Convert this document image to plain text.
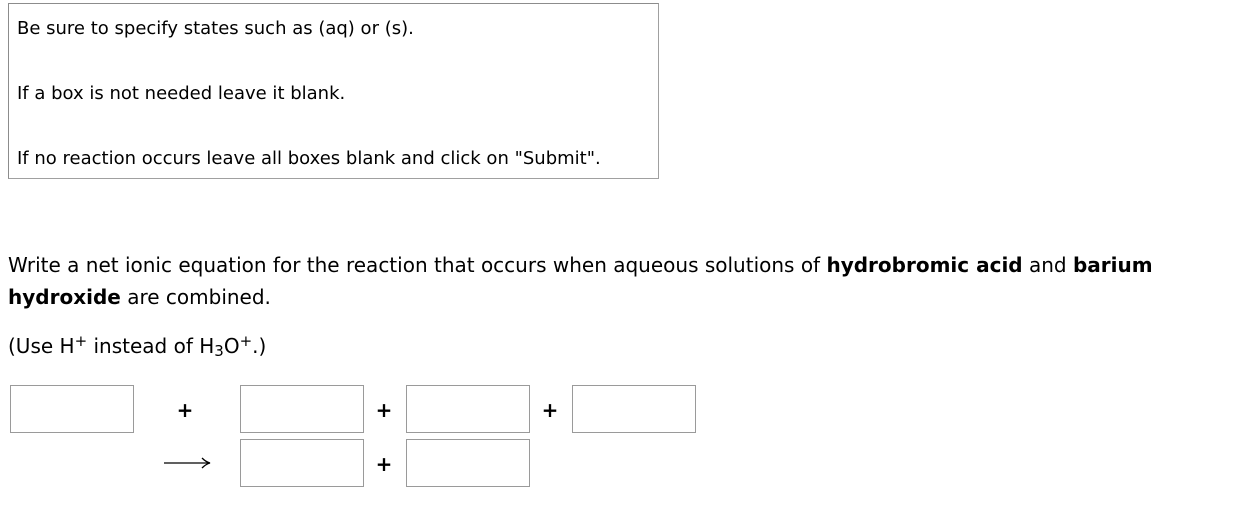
Be sure to specify states such as (aq) or (s).
If a box is not needed leave it blank.
If no reaction occurs leave all boxes blank and click on "Submit".
Write a net ionic equation for the reaction that occurs when aqueous solutions of hydrobromic acid and barium hydroxide are combined.
(Use H+ instead of $H_3O^+$.)
+	+	+
+
